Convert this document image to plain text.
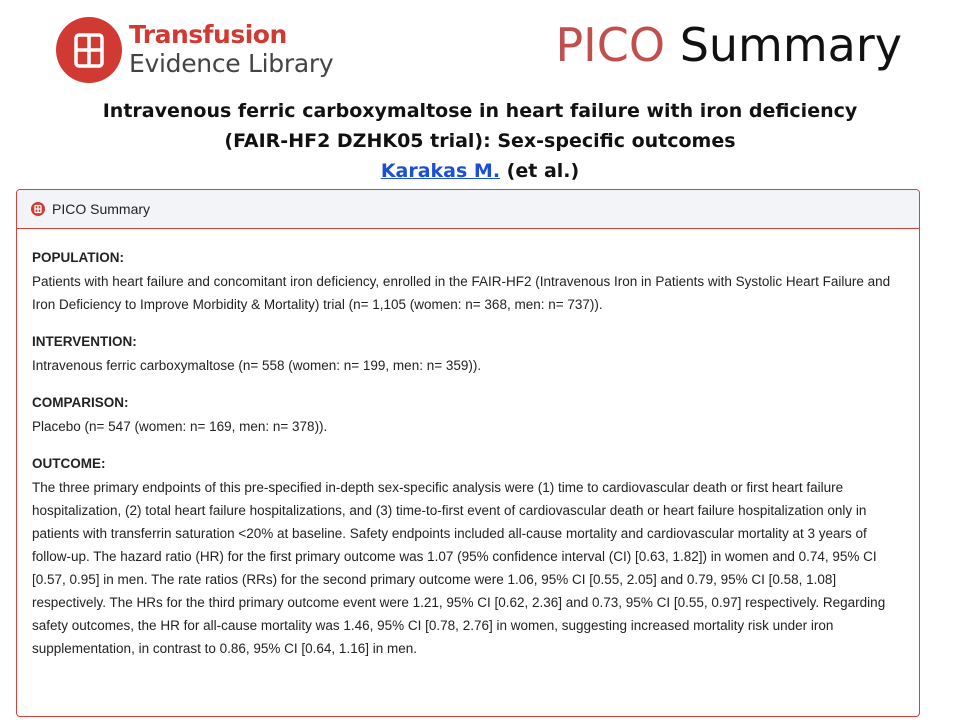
Transfusion
Evidence Library	PICO Summary
Intravenous ferric carboxymaltose in heart failure with iron deficiency
(FAIR-HF2 DZHK05 trial): Sex-specific outcomes
Karakas M. (et al.)
PICO Summary

POPULATION:

Patients with heart failure and concomitant iron deficiency, enrolled in the FAIR-HF2 (Intravenous Iron in Patients with Systolic Heart Failure and Iron Deficiency to Improve Morbidity & Mortality) trial (n= 1,105 (women: n= 368, men: n= 737)).

INTERVENTION:

Intravenous ferric carboxymaltose (n= 558 (women: n= 199, men: n= 359)).

COMPARISON:

Placebo (n= 547 (women: n= 169, men: n= 378)).

OUTCOME:

The three primary endpoints of this pre-specified in-depth sex-specific analysis were (1) time to cardiovascular death or first heart failure hospitalization, (2) total heart failure hospitalizations, and (3) time-to-first event of cardiovascular death or heart failure hospitalization only in patients with transferrin saturation <20% at baseline. Safety endpoints included all-cause mortality and cardiovascular mortality at 3 years of follow-up. The hazard ratio (HR) for the first primary outcome was 1.07 (95% confidence interval (CI) [0.63, 1.82]) in women and 0.74, 95% CI [0.57, 0.95] in men. The rate ratios (RRs) for the second primary outcome were 1.06, 95% CI [0.55, 2.05] and 0.79, 95% CI [0.58, 1.08] respectively. The HRs for the third primary outcome event were 1.21, 95% CI [0.62, 2.36] and 0.73, 95% CI [0.55, 0.97] respectively. Regarding safety outcomes, the HR for all-cause mortality was 1.46, 95% CI [0.78, 2.76] in women, suggesting increased mortality risk under iron supplementation, in contrast to 0.86, 95% CI [0.64, 1.16] in men.
